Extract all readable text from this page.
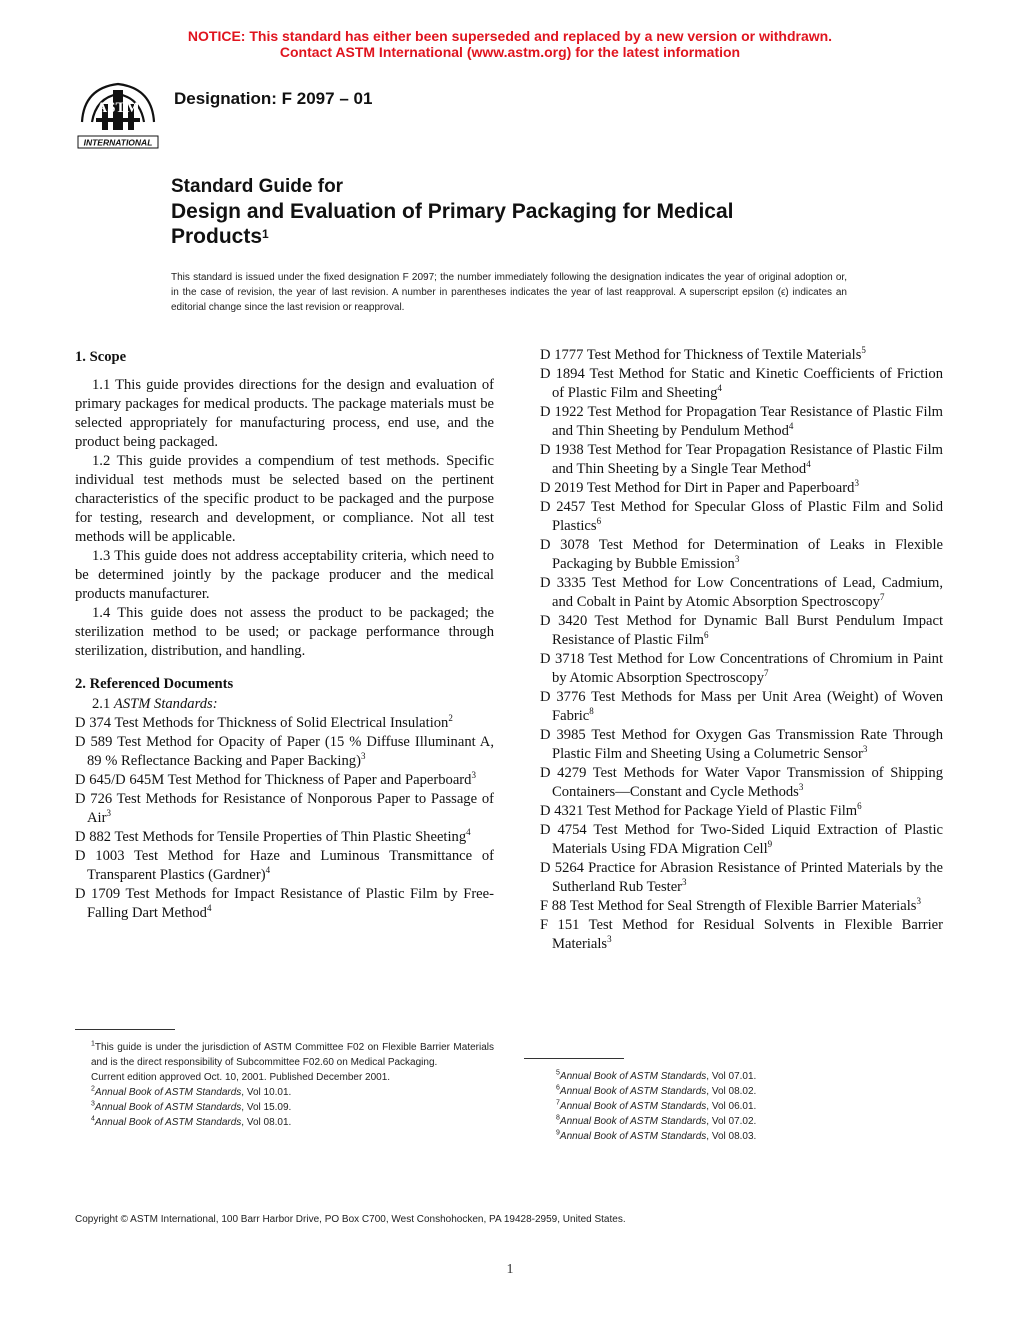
NOTICE: This standard has either been superseded and replaced by a new version or withdrawn.
Contact ASTM International (www.astm.org) for the latest information
ASTM
INTERNATIONAL
Designation: F 2097 – 01
Standard Guide for
Design and Evaluation of Primary Packaging for Medical
Products$^1$
This standard is issued under the fixed designation F 2097; the number immediately following the designation indicates the year of original adoption or, in the case of revision, the year of last revision. A number in parentheses indicates the year of last reapproval. A superscript epsilon (ϵ) indicates an editorial change since the last revision or reapproval.
1. Scope
1.1 This guide provides directions for the design and evaluation of primary packages for medical products. The package materials must be selected appropriately for manufacturing process, end use, and the product being packaged.
1.2 This guide provides a compendium of test methods. Specific individual test methods must be selected based on the pertinent characteristics of the specific product to be packaged and the purpose for testing, research and development, or compliance. Not all test methods will be applicable.
1.3 This guide does not address acceptability criteria, which need to be determined jointly by the package producer and the medical products manufacturer.
1.4 This guide does not assess the product to be packaged; the sterilization method to be used; or package performance through sterilization, distribution, and handling.
2. Referenced Documents
2.1 ASTM Standards:
D 374 Test Methods for Thickness of Solid Electrical Insulation$^2$
D 589 Test Method for Opacity of Paper (15 % Diffuse Illuminant A, 89 % Reflectance Backing and Paper Backing)$^3$
D 645/D 645M Test Method for Thickness of Paper and Paperboard$^3$
D 726 Test Methods for Resistance of Nonporous Paper to Passage of Air$^3$
D 882 Test Methods for Tensile Properties of Thin Plastic Sheeting$^4$
D 1003 Test Method for Haze and Luminous Transmittance of Transparent Plastics (Gardner)$^4$
D 1709 Test Methods for Impact Resistance of Plastic Film by Free-Falling Dart Method$^4$
D 1777 Test Method for Thickness of Textile Materials$^5$
D 1894 Test Method for Static and Kinetic Coefficients of Friction of Plastic Film and Sheeting$^4$
D 1922 Test Method for Propagation Tear Resistance of Plastic Film and Thin Sheeting by Pendulum Method$^4$
D 1938 Test Method for Tear Propagation Resistance of Plastic Film and Thin Sheeting by a Single Tear Method$^4$
D 2019 Test Method for Dirt in Paper and Paperboard$^3$
D 2457 Test Method for Specular Gloss of Plastic Film and Solid Plastics$^6$
D 3078 Test Method for Determination of Leaks in Flexible Packaging by Bubble Emission$^3$
D 3335 Test Method for Low Concentrations of Lead, Cadmium, and Cobalt in Paint by Atomic Absorption Spectroscopy$^7$
D 3420 Test Method for Dynamic Ball Burst Pendulum Impact Resistance of Plastic Film$^6$
D 3718 Test Method for Low Concentrations of Chromium in Paint by Atomic Absorption Spectroscopy$^7$
D 3776 Test Methods for Mass per Unit Area (Weight) of Woven Fabric$^8$
D 3985 Test Method for Oxygen Gas Transmission Rate Through Plastic Film and Sheeting Using a Columetric Sensor$^3$
D 4279 Test Methods for Water Vapor Transmission of Shipping Containers—Constant and Cycle Methods$^3$
D 4321 Test Method for Package Yield of Plastic Film$^6$
D 4754 Test Method for Two-Sided Liquid Extraction of Plastic Materials Using FDA Migration Cell$^9$
D 5264 Practice for Abrasion Resistance of Printed Materials by the Sutherland Rub Tester$^3$
F 88 Test Method for Seal Strength of Flexible Barrier Materials$^3$
F 151 Test Method for Residual Solvents in Flexible Barrier Materials$^3$
$^1$This guide is under the jurisdiction of ASTM Committee F02 on Flexible Barrier Materials and is the direct responsibility of Subcommittee F02.60 on Medical Packaging.
Current edition approved Oct. 10, 2001. Published December 2001.
$^2$Annual Book of ASTM Standards, Vol 10.01.
$^3$Annual Book of ASTM Standards, Vol 15.09.
$^4$Annual Book of ASTM Standards, Vol 08.01.
$^5$Annual Book of ASTM Standards, Vol 07.01.
$^6$Annual Book of ASTM Standards, Vol 08.02.
$^7$Annual Book of ASTM Standards, Vol 06.01.
$^8$Annual Book of ASTM Standards, Vol 07.02.
$^9$Annual Book of ASTM Standards, Vol 08.03.
Copyright © ASTM International, 100 Barr Harbor Drive, PO Box C700, West Conshohocken, PA 19428-2959, United States.
1
